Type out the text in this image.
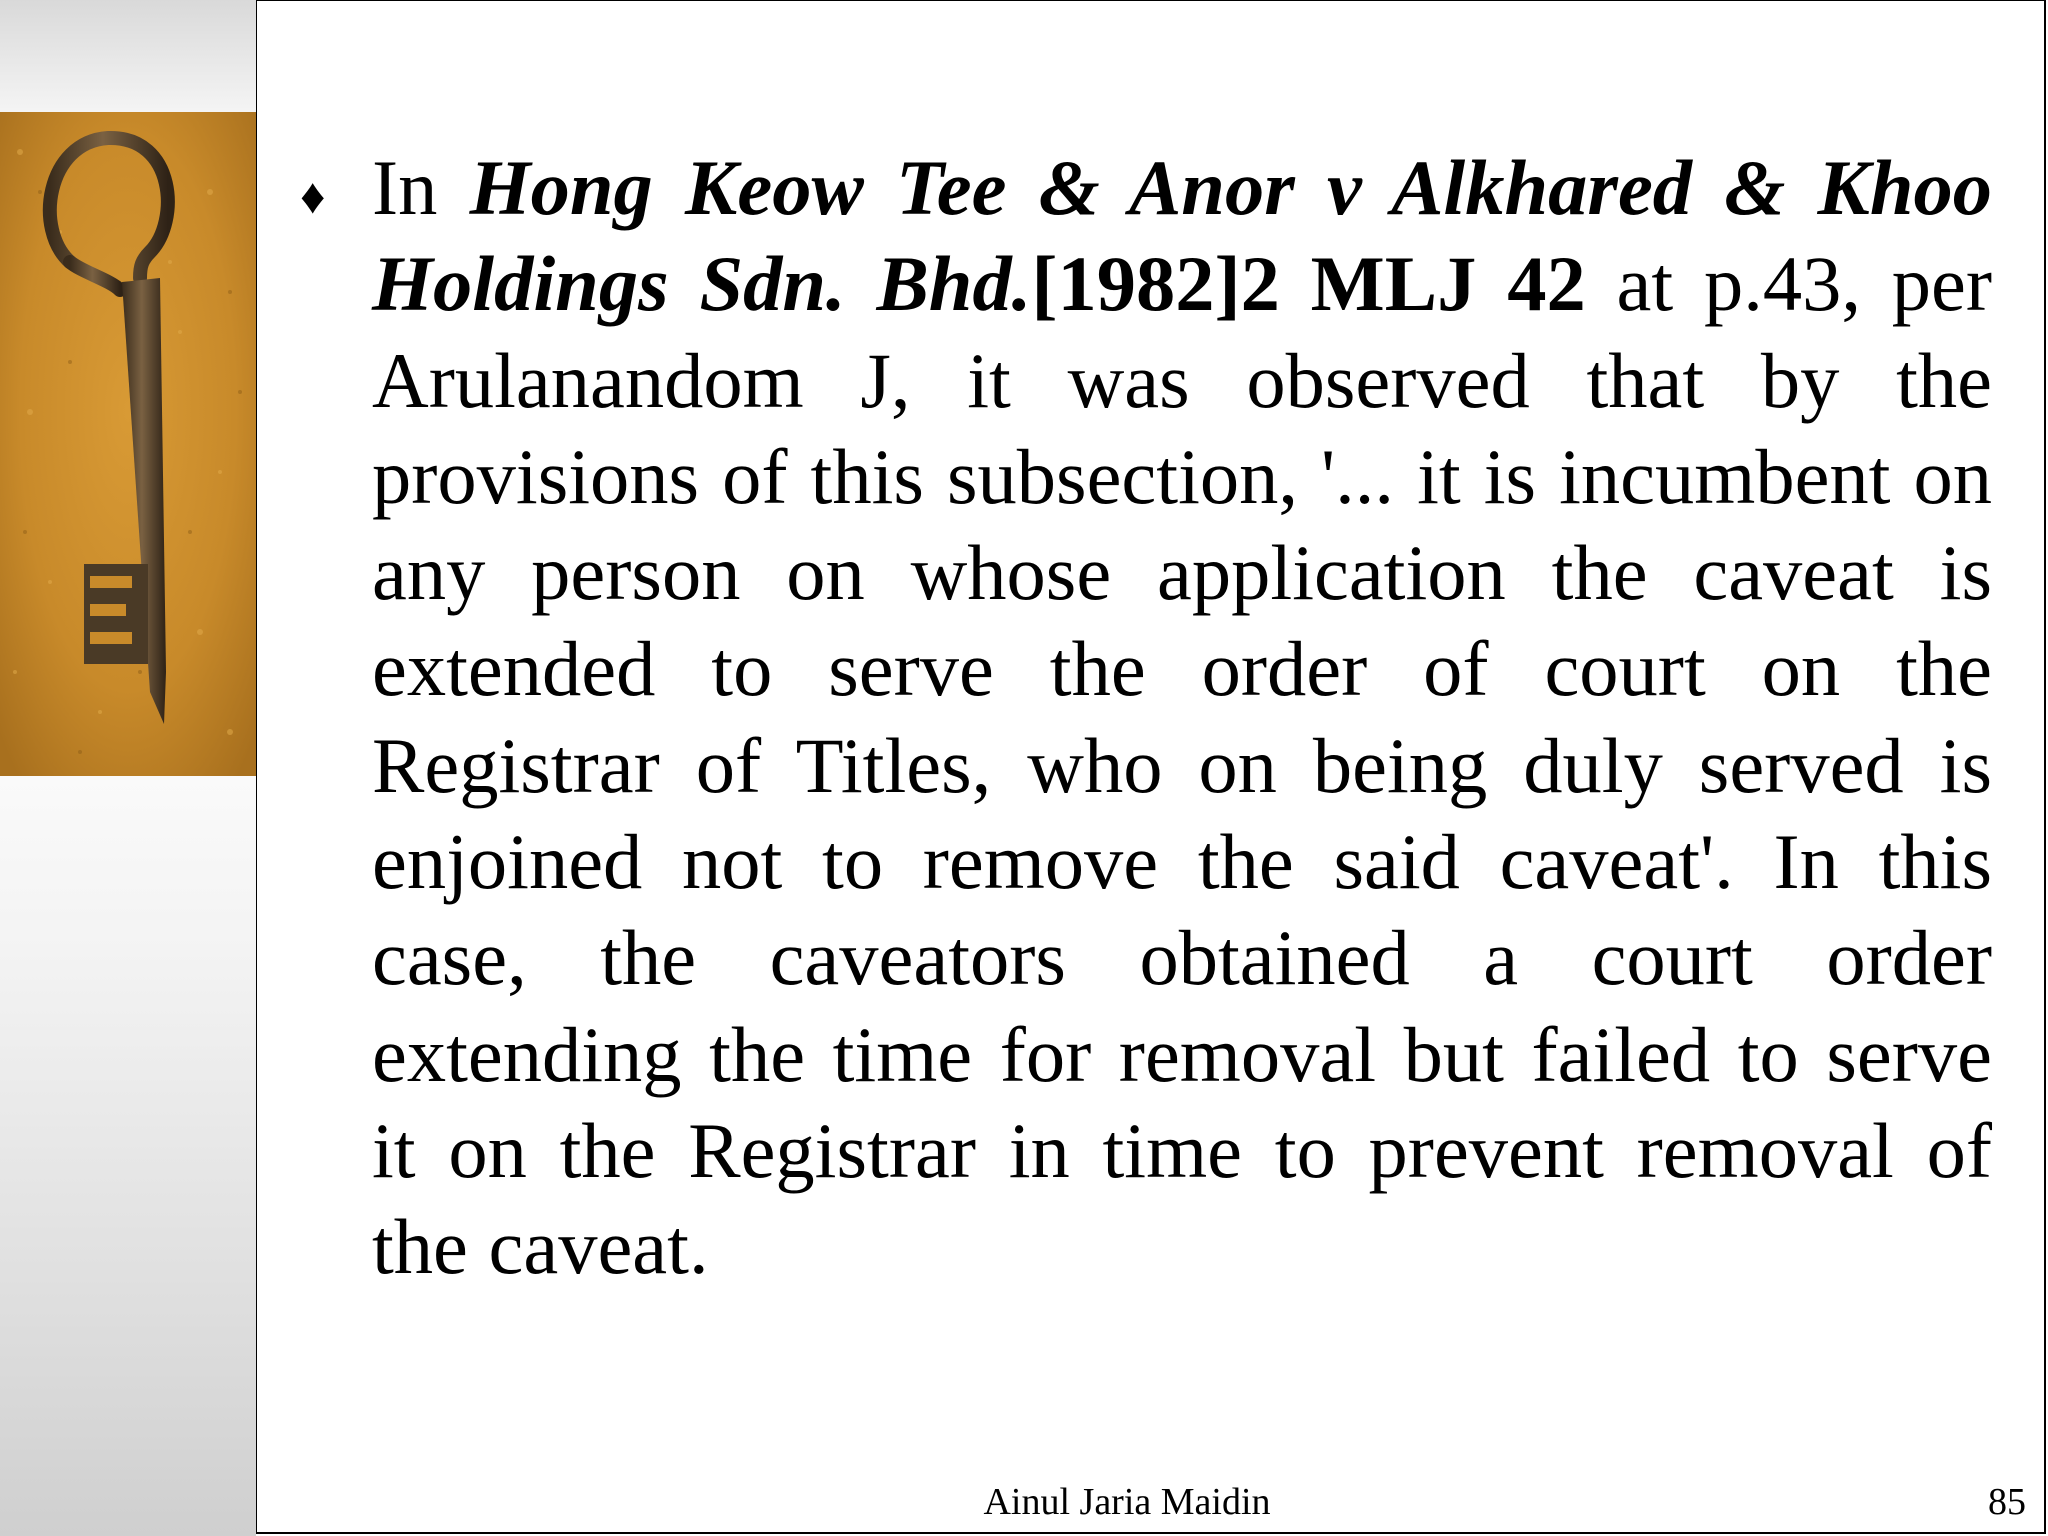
♦ In Hong Keow Tee & Anor v Alkhared & Khoo Holdings Sdn. Bhd.[1982]2 MLJ 42 at p.43, per Arulanandom J, it was observed that by the provisions of this subsection, '... it is incumbent on any person on whose application the caveat is extended to serve the order of court on the Registrar of Titles, who on being duly served is enjoined not to remove the said caveat'. In this case, the caveators obtained a court order extending the time for removal but failed to serve it on the Registrar in time to prevent removal of the caveat.

Ainul Jaria Maidin	85
